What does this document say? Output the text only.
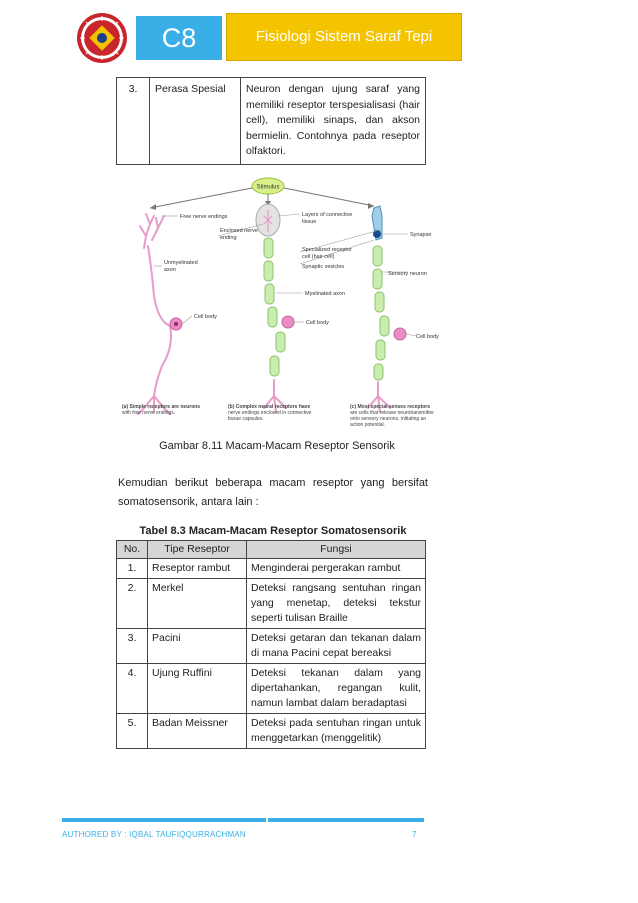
C8	Fisiologi Sistem Saraf Tepi
3.	Perasa Spesial	Neuron dengan ujung saraf yang memiliki reseptor terspesialisasi (hair cell), memiliki sinaps, dan akson bermielin. Contohnya pada reseptor olfaktori.
Stimulus
Free nerve endings
Enclosed nerve
ending
Layers of connective
tissue
Specialized receptor
cell (hair cell)
Synapse
Synaptic vesicles
Sensory neuron
Unmyelinated
axon
Myelinated axon
Cell body
Cell body
Cell body
(a) Simple receptors are neurons
with free nerve endings.
(b) Complex neural receptors have
nerve endings enclosed in connective
tissue capsules.
(c) Most special senses receptors
are cells that release neurotransmitter
onto sensory neurons, initiating an
action potential.
Gambar 8.11 Macam-Macam Reseptor Sensorik
Kemudian berikut beberapa macam reseptor yang bersifat somatosensorik, antara lain :
Tabel 8.3 Macam-Macam Reseptor Somatosensorik
No.	Tipe Reseptor	Fungsi
1.	Reseptor rambut	Menginderai pergerakan rambut
2.	Merkel	Deteksi rangsang sentuhan ringan yang menetap, deteksi tekstur seperti tulisan Braille
3.	Pacini	Deteksi getaran dan tekanan dalam di mana Pacini cepat bereaksi
4.	Ujung Ruffini	Deteksi tekanan dalam yang dipertahankan, regangan kulit, namun lambat dalam beradaptasi
5.	Badan Meissner	Deteksi pada sentuhan ringan untuk menggetarkan (menggelitik)
AUTHORED BY : IQBAL TAUFIQQURRACHMAN	7
